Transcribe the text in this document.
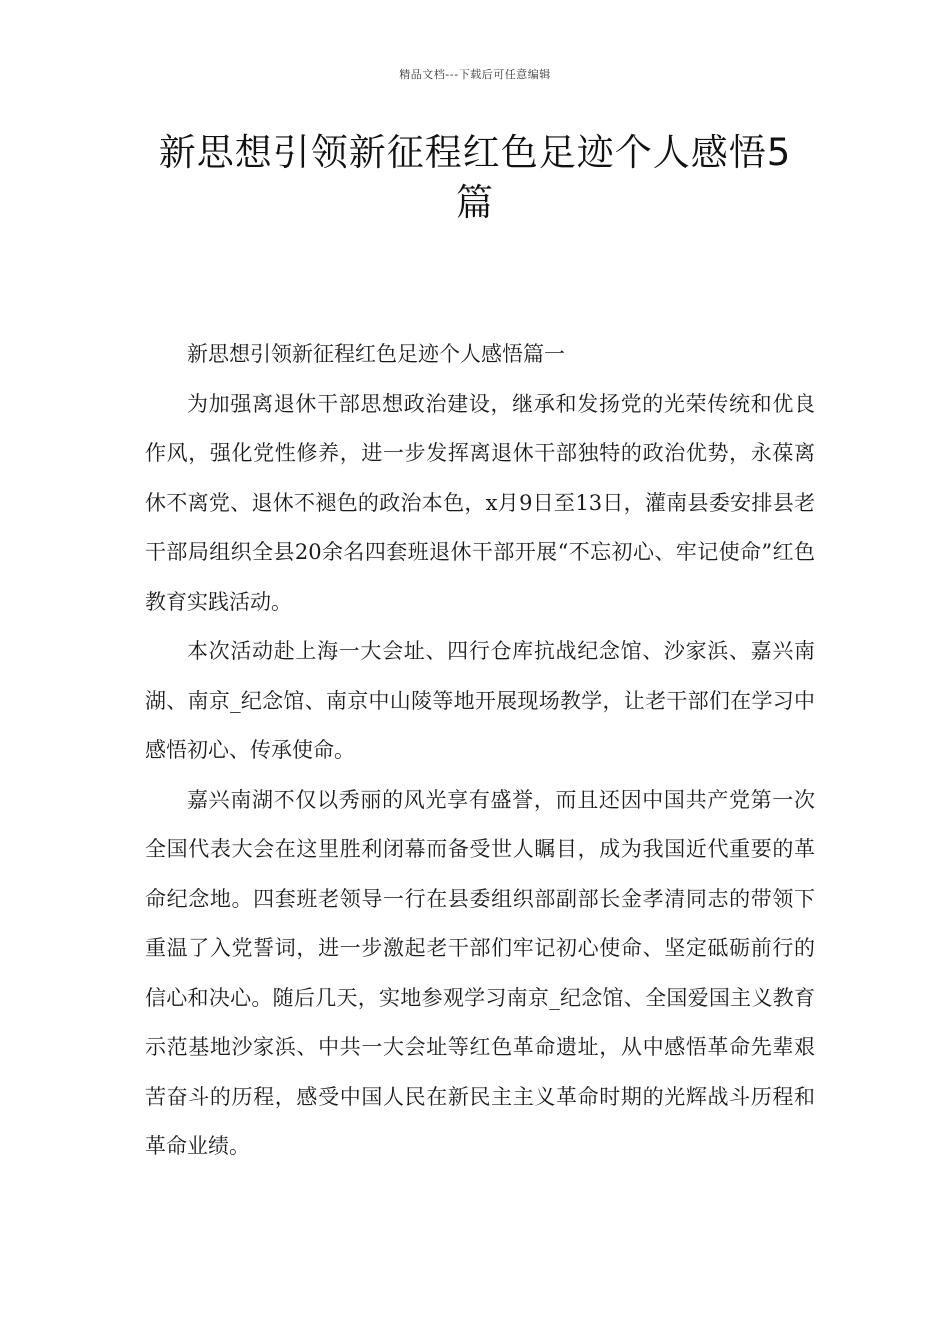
精品文档---下载后可任意编辑
新思想引领新征程红色足迹个人感悟5篇

新思想引领新征程红色足迹个人感悟篇一

为加强离退休干部思想政治建设，继承和发扬党的光荣传统和优良作风，强化党性修养，进一步发挥离退休干部独特的政治优势，永葆离休不离党、退休不褪色的政治本色，x月9日至13日，灌南县委安排县老干部局组织全县20余名四套班退休干部开展“不忘初心、牢记使命”红色教育实践活动。

本次活动赴上海一大会址、四行仓库抗战纪念馆、沙家浜、嘉兴南湖、南京_纪念馆、南京中山陵等地开展现场教学，让老干部们在学习中感悟初心、传承使命。

嘉兴南湖不仅以秀丽的风光享有盛誉，而且还因中国共产党第一次全国代表大会在这里胜利闭幕而备受世人瞩目，成为我国近代重要的革命纪念地。四套班老领导一行在县委组织部副部长金孝清同志的带领下重温了入党誓词，进一步激起老干部们牢记初心使命、坚定砥砺前行的信心和决心。随后几天，实地参观学习南京_纪念馆、全国爱国主义教育示范基地沙家浜、中共一大会址等红色革命遗址，从中感悟革命先辈艰苦奋斗的历程，感受中国人民在新民主主义革命时期的光辉战斗历程和革命业绩。
